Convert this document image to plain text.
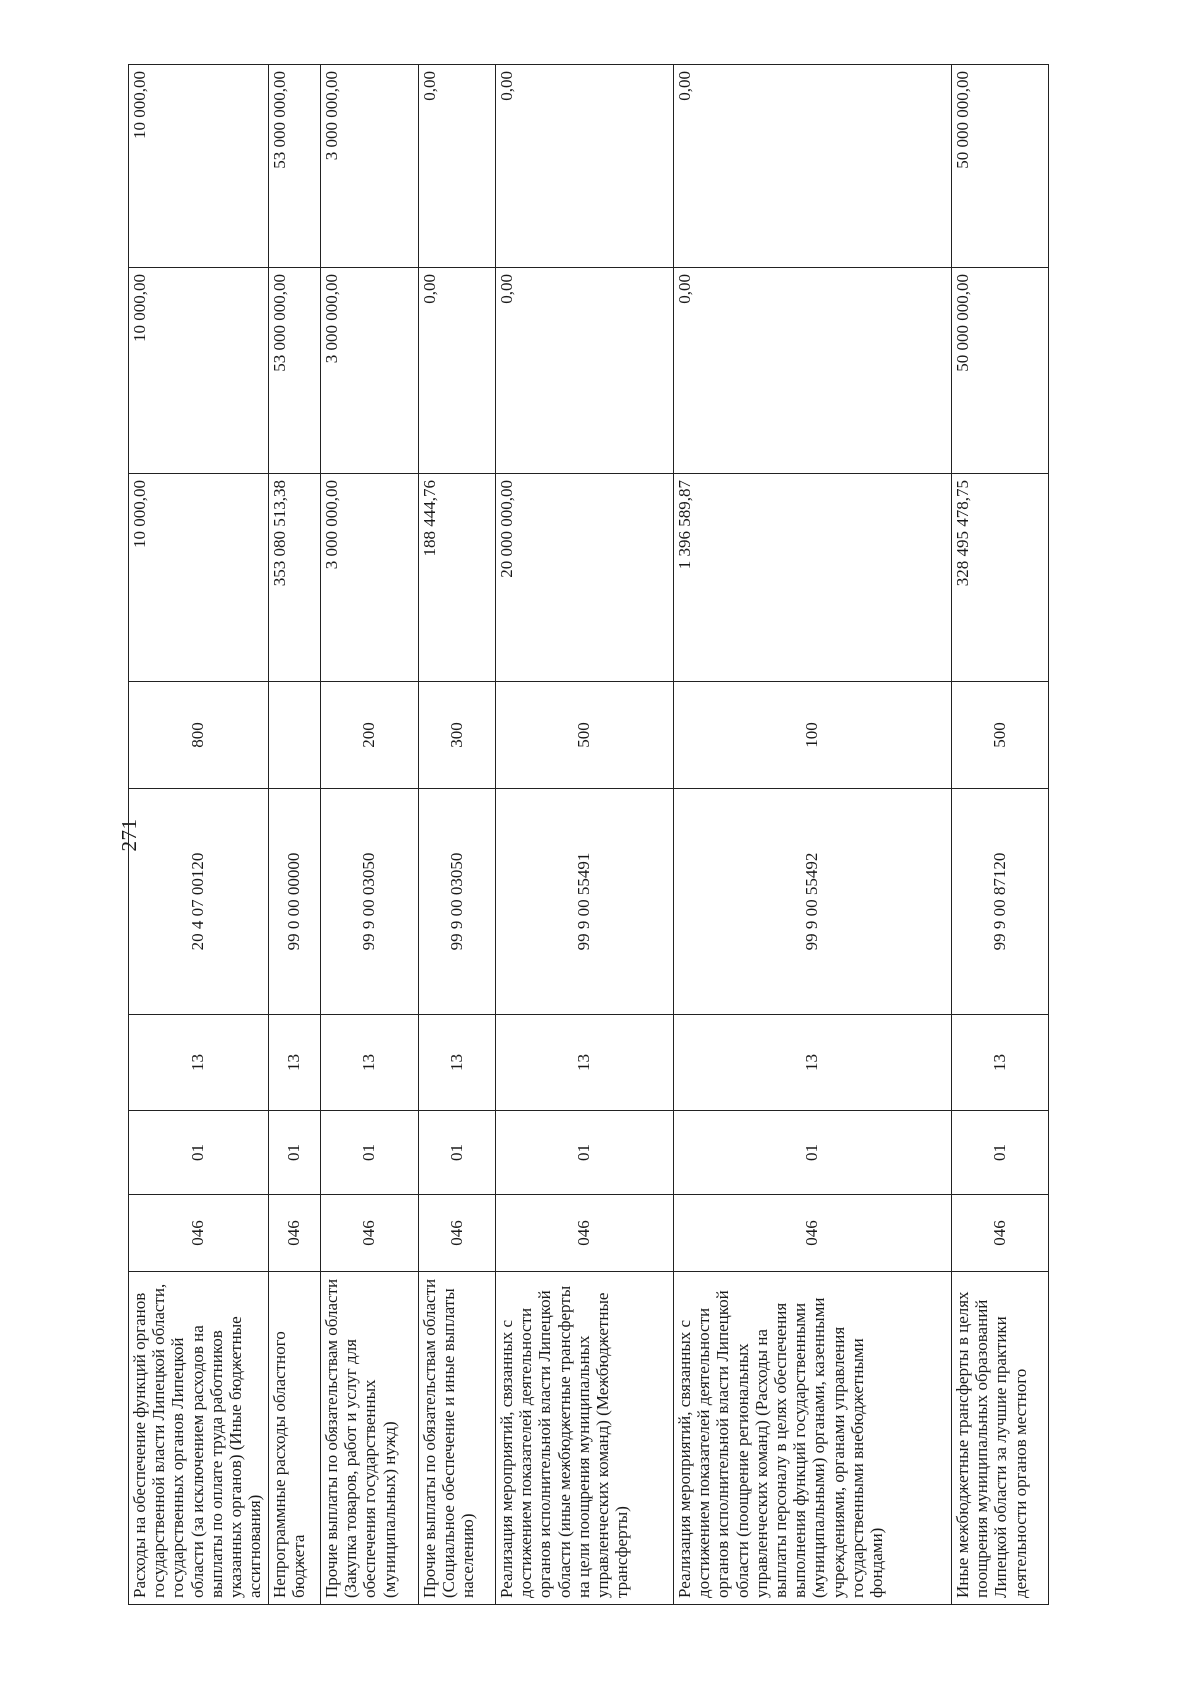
271
Расходы на обеспечение функций органов государственной власти Липецкой области, государственных органов Липецкой области (за исключением расходов на выплаты по оплате труда работников указанных органов) (Иные бюджетные ассигнования)	046	01	13	20 4 07 00120	800	10 000,00	10 000,00	10 000,00
Непрограммные расходы областного бюджета	046	01	13	99 0 00 00000		353 080 513,38	53 000 000,00	53 000 000,00
Прочие выплаты по обязательствам области (Закупка товаров, работ и услуг для обеспечения государственных (муниципальных) нужд)	046	01	13	99 9 00 03050	200	3 000 000,00	3 000 000,00	3 000 000,00
Прочие выплаты по обязательствам области (Социальное обеспечение и иные выплаты населению)	046	01	13	99 9 00 03050	300	188 444,76	0,00	0,00
Реализация мероприятий, связанных с достижением показателей деятельности органов исполнительной власти Липецкой области (иные межбюджетные трансферты на цели поощрения муниципальных управленческих команд) (Межбюджетные трансферты)	046	01	13	99 9 00 55491	500	20 000 000,00	0,00	0,00
Реализация мероприятий, связанных с достижением показателей деятельности органов исполнительной власти Липецкой области (поощрение региональных управленческих команд) (Расходы на выплаты персоналу в целях обеспечения выполнения функций государственными (муниципальными) органами, казенными учреждениями, органами управления государственными внебюджетными фондами)	046	01	13	99 9 00 55492	100	1 396 589,87	0,00	0,00
Иные межбюджетные трансферты в целях поощрения муниципальных образований Липецкой области за лучшие практики деятельности органов местного	046	01	13	99 9 00 87120	500	328 495 478,75	50 000 000,00	50 000 000,00
